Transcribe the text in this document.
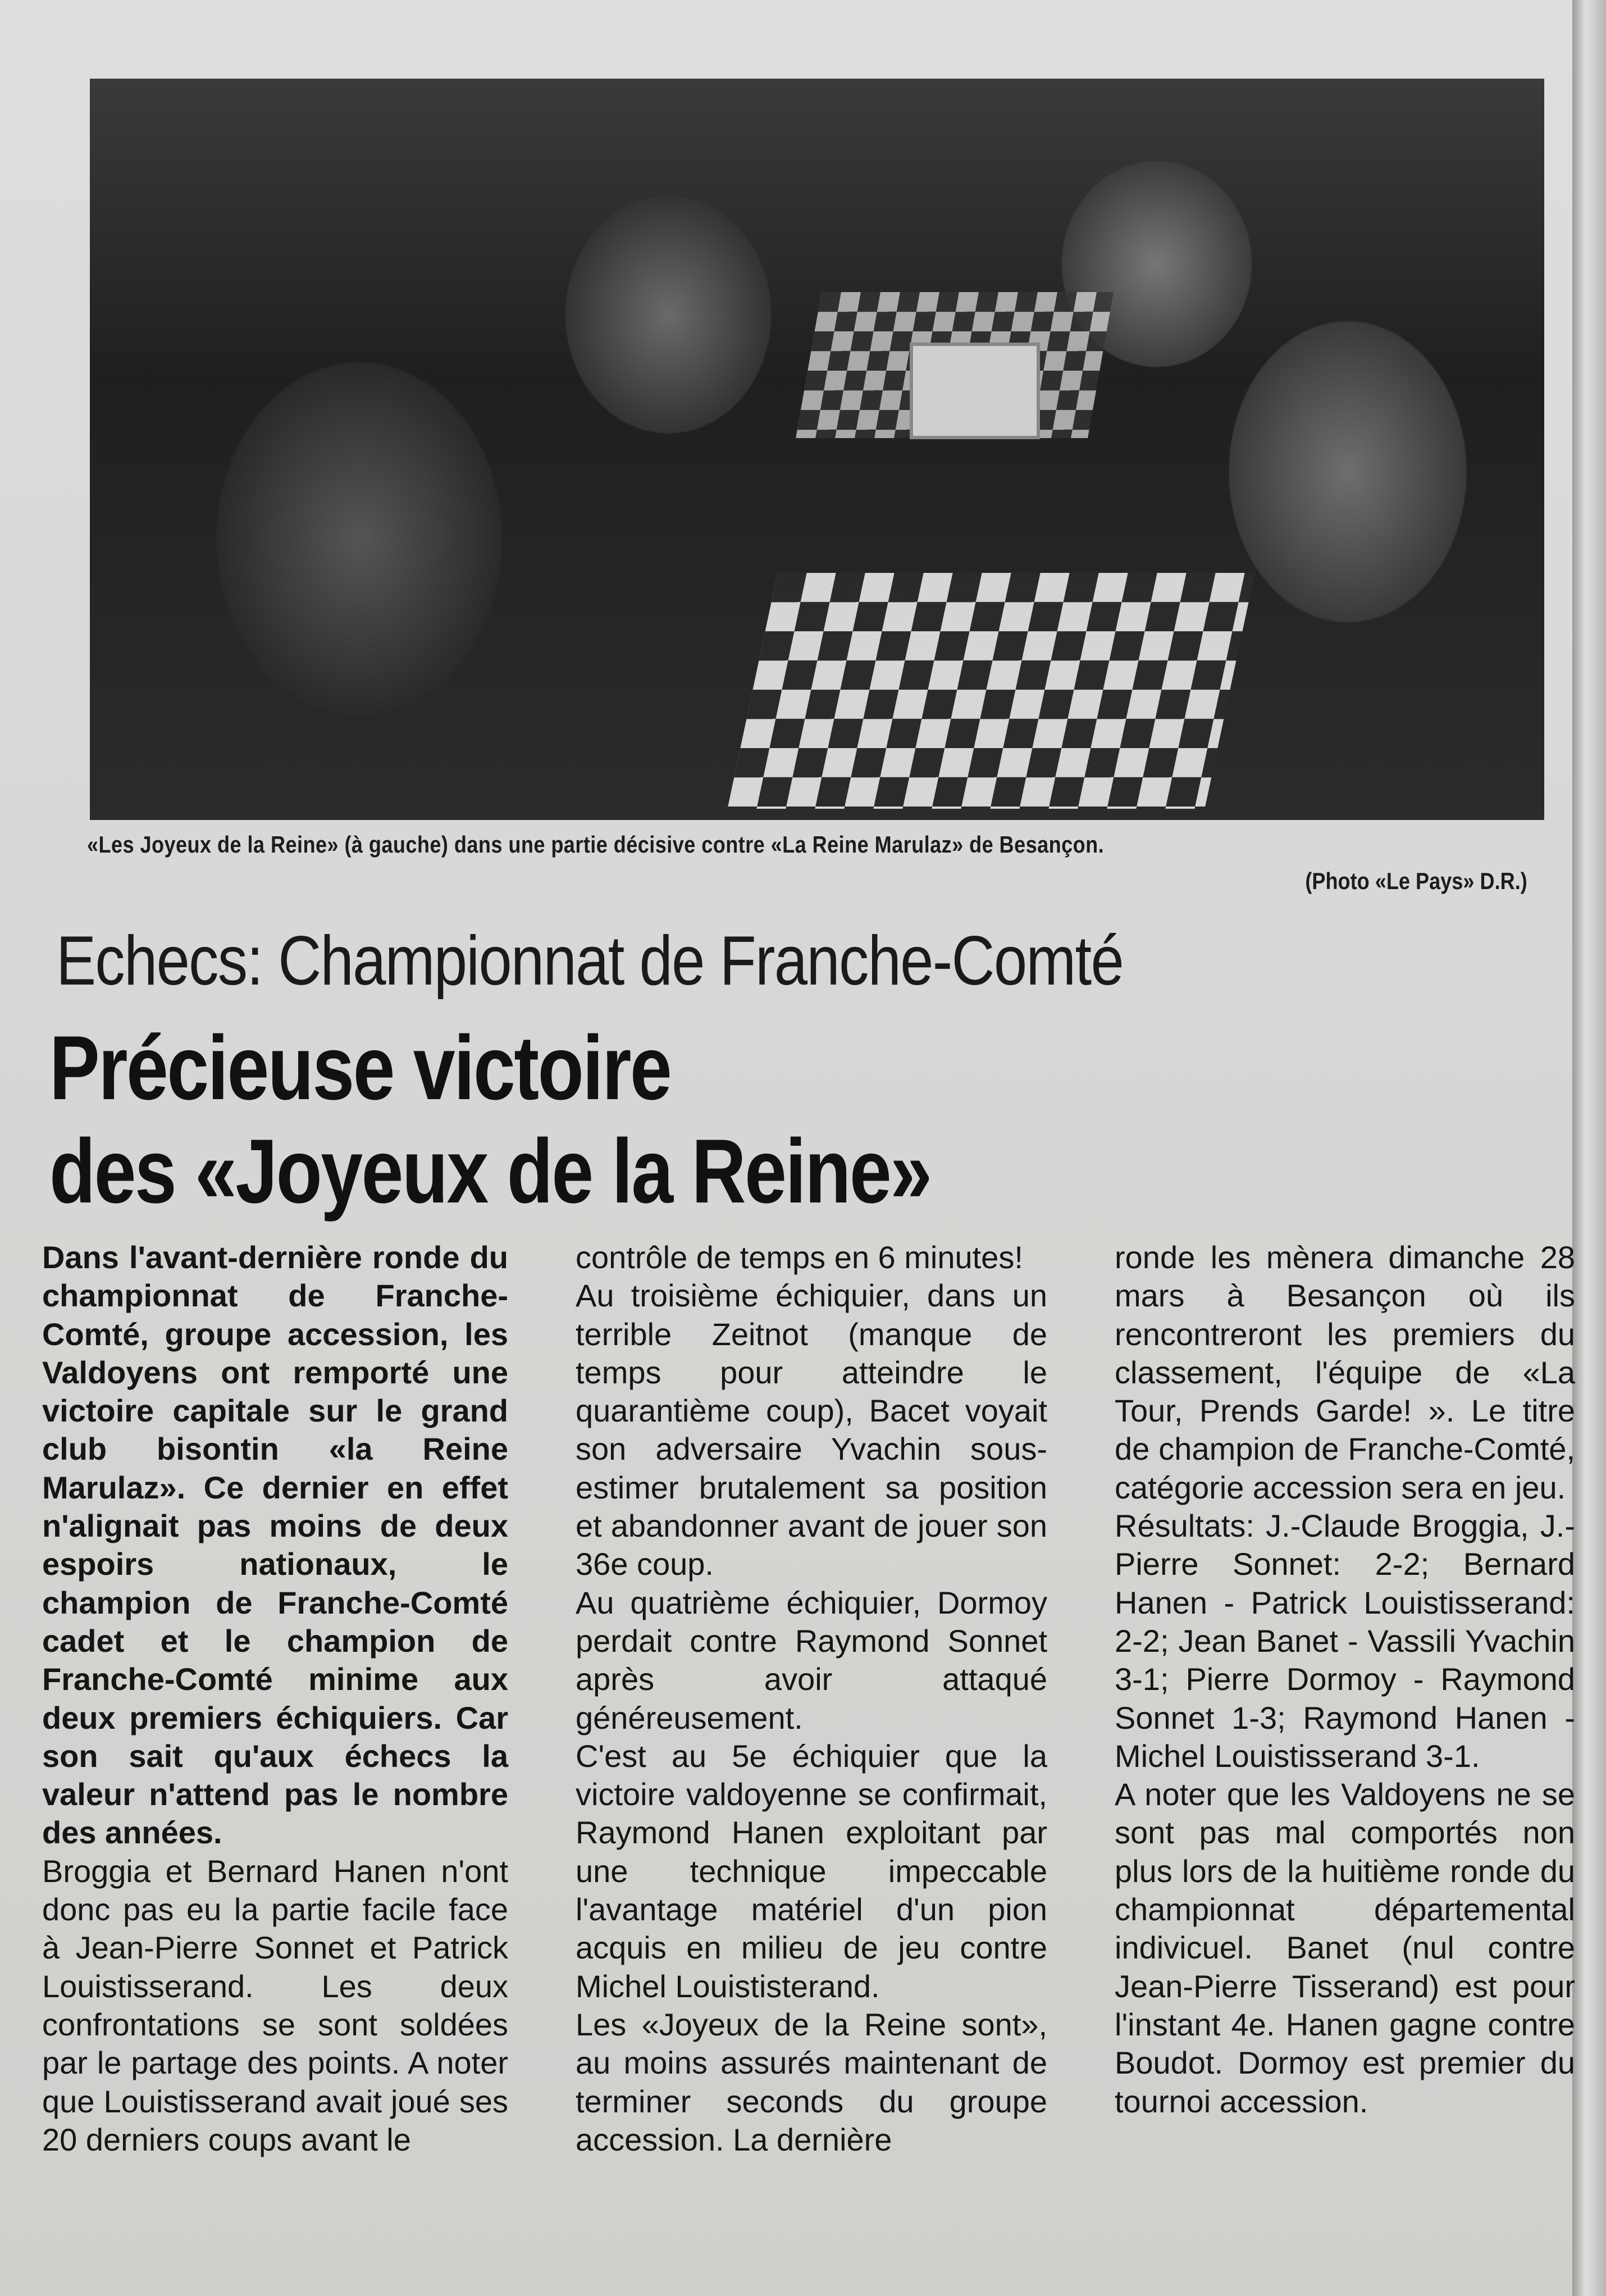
«Les Joyeux de la Reine» (à gauche) dans une partie décisive contre «La Reine Marulaz» de Besançon.
(Photo «Le Pays» D.R.)
Echecs: Championnat de Franche-Comté
Précieuse victoire
des «Joyeux de la Reine»

Dans l'avant-dernière ronde du championnat de Franche-Comté, groupe accession, les Valdoyens ont remporté une victoire capitale sur le grand club bisontin «la Reine Marulaz». Ce dernier en effet n'alignait pas moins de deux espoirs nationaux, le champion de Franche-Comté cadet et le champion de Franche-Comté minime aux deux premiers échiquiers. Car son sait qu'aux échecs la valeur n'attend pas le nombre des années.

Broggia et Bernard Hanen n'ont donc pas eu la partie facile face à Jean-Pierre Sonnet et Patrick Louistisserand. Les deux confrontations se sont soldées par le partage des points. A noter que Louistisserand avait joué ses 20 derniers coups avant le

contrôle de temps en 6 minutes!

Au troisième échiquier, dans un terrible Zeitnot (manque de temps pour atteindre le quarantième coup), Bacet voyait son adversaire Yvachin sous-estimer brutalement sa position et abandonner avant de jouer son 36e coup.

Au quatrième échiquier, Dormoy perdait contre Raymond Sonnet après avoir attaqué généreusement.

C'est au 5e échiquier que la victoire valdoyenne se confirmait, Raymond Hanen exploitant par une technique impeccable l'avantage matériel d'un pion acquis en milieu de jeu contre Michel Louististerand.

Les «Joyeux de la Reine sont», au moins assurés maintenant de terminer seconds du groupe accession. La dernière

ronde les mènera dimanche 28 mars à Besançon où ils rencontreront les premiers du classement, l'équipe de «La Tour, Prends Garde! ». Le titre de champion de Franche-Comté, catégorie accession sera en jeu.

Résultats: J.-Claude Broggia, J.-Pierre Sonnet: 2-2; Bernard Hanen - Patrick Louistisserand: 2-2; Jean Banet - Vassili Yvachin 3-1; Pierre Dormoy - Raymond Sonnet 1-3; Raymond Hanen - Michel Louistisserand 3-1.

A noter que les Valdoyens ne se sont pas mal comportés non plus lors de la huitième ronde du championnat départemental indivicuel. Banet (nul contre Jean-Pierre Tisserand) est pour l'instant 4e. Hanen gagne contre Boudot. Dormoy est premier du tournoi accession.
